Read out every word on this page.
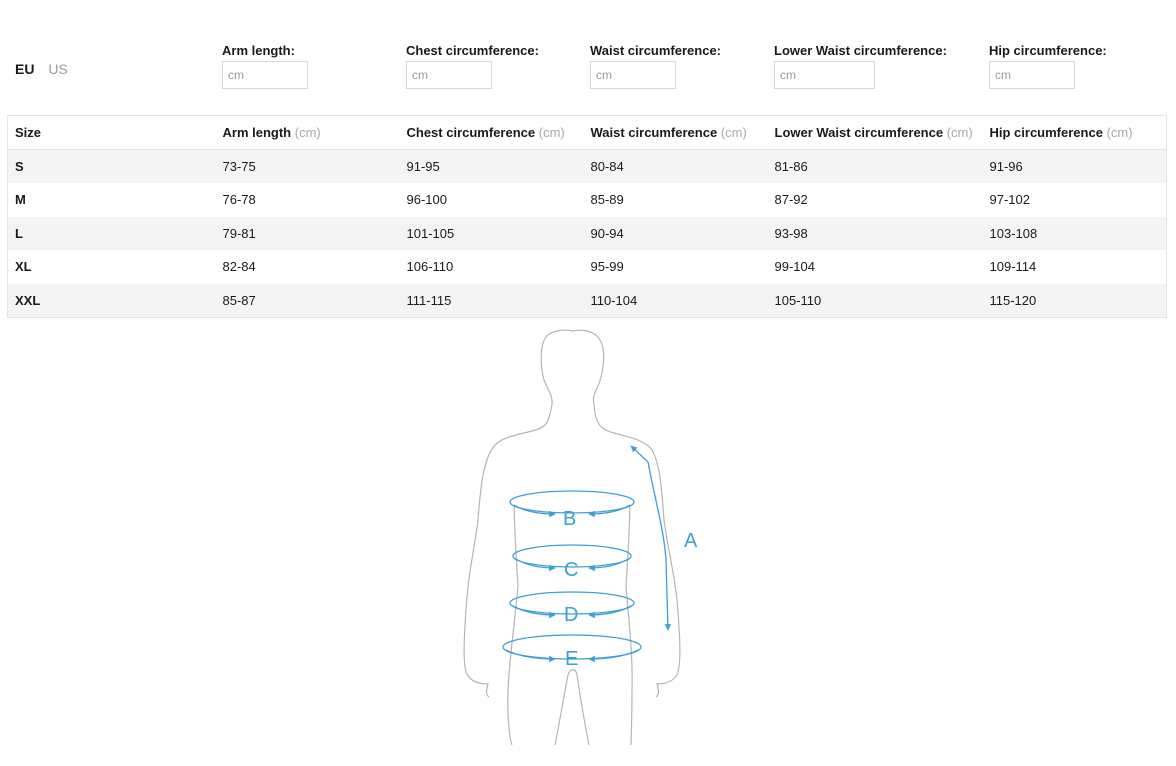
EU US
Arm length:
cm	Chest circumference:
cm	Waist circumference:
cm	Lower Waist circumference:
cm	Hip circumference:
cm
Size	Arm length (cm)	Chest circumference (cm)	Waist circumference (cm)	Lower Waist circumference (cm)	Hip circumference (cm)
S	73-75	91-95	80-84	81-86	91-96
M	76-78	96-100	85-89	87-92	97-102
L	79-81	101-105	90-94	93-98	103-108
XL	82-84	106-110	95-99	99-104	109-114
XXL	85-87	111-115	110-104	105-110	115-120
A
B
C
D
E
